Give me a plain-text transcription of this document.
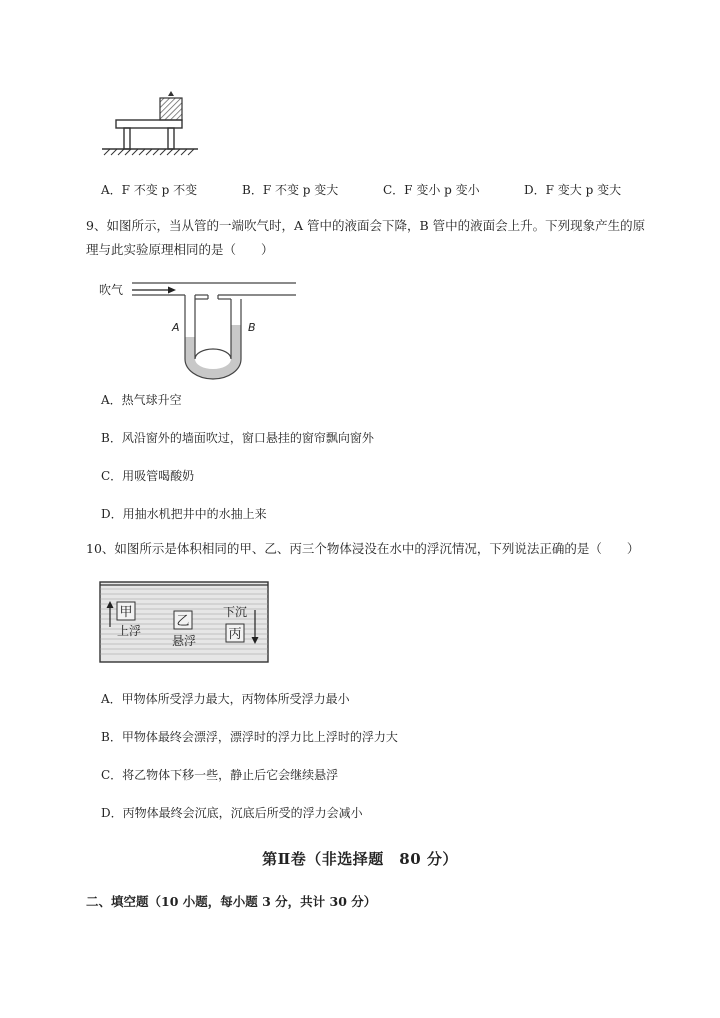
A．F 不变 p 不变	B．F 不变 p 变大	C．F 变小 p 变小	D．F 变大 p 变大
9、如图所示，当从管的一端吹气时，A 管中的液面会下降，B 管中的液面会上升。下列现象产生的原
理与此实验原理相同的是（　　）
吹气
A	B
A．热气球升空
B．风沿窗外的墙面吹过，窗口悬挂的窗帘飘向窗外
C．用吸管喝酸奶
D．用抽水机把井中的水抽上来
10、如图所示是体积相同的甲、乙、丙三个物体浸没在水中的浮沉情况，下列说法正确的是（　　）
甲
上浮
乙
悬浮
下沉
丙
A．甲物体所受浮力最大，丙物体所受浮力最小
B．甲物体最终会漂浮，漂浮时的浮力比上浮时的浮力大
C．将乙物体下移一些，静止后它会继续悬浮
D．丙物体最终会沉底，沉底后所受的浮力会减小
第Ⅱ卷（非选择题　80 分）
二、填空题（10 小题，每小题 3 分，共计 30 分）
